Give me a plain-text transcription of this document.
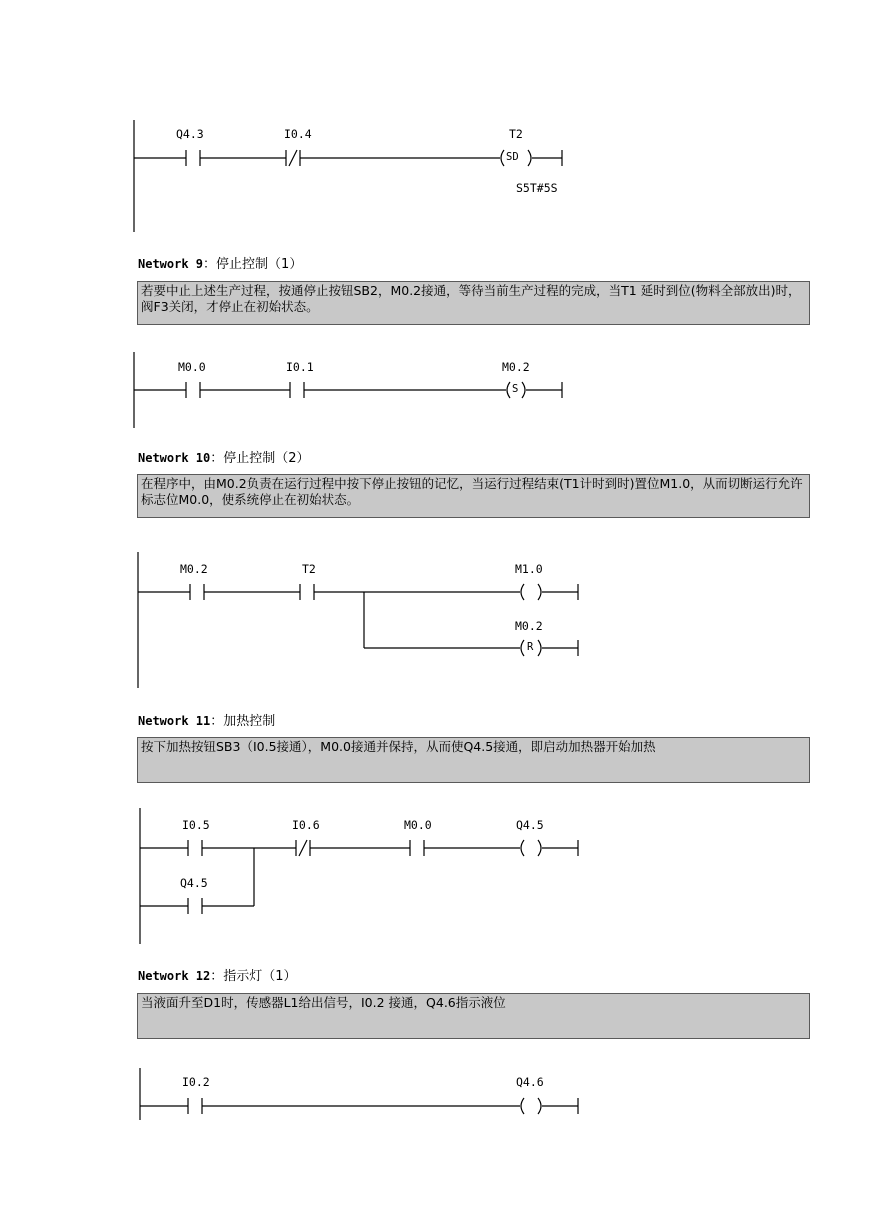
Q4.3	I0.4	T2
SD
S5T#5S
Network 9：停止控制（1）
若要中止上述生产过程，按通停止按钮SB2，M0.2接通，等待当前生产过程的完成，当T1 延时到位(物料全部放出)时，阀F3关闭，才停止在初始状态。
M0.0	I0.1	M0.2
S
Network 10：停止控制（2）
在程序中，由M0.2负责在运行过程中按下停止按钮的记忆，当运行过程结束(T1计时到时)置位M1.0，从而切断运行允许标志位M0.0，使系统停止在初始状态。
M0.2	T2	M1.0
M0.2
R
Network 11：加热控制
按下加热按钮SB3（I0.5接通），M0.0接通并保持，从而使Q4.5接通，即启动加热器开始加热
I0.5	I0.6	M0.0	Q4.5
Q4.5
Network 12：指示灯（1）
当液面升至D1时，传感器L1给出信号，I0.2 接通，Q4.6指示液位
I0.2	Q4.6
